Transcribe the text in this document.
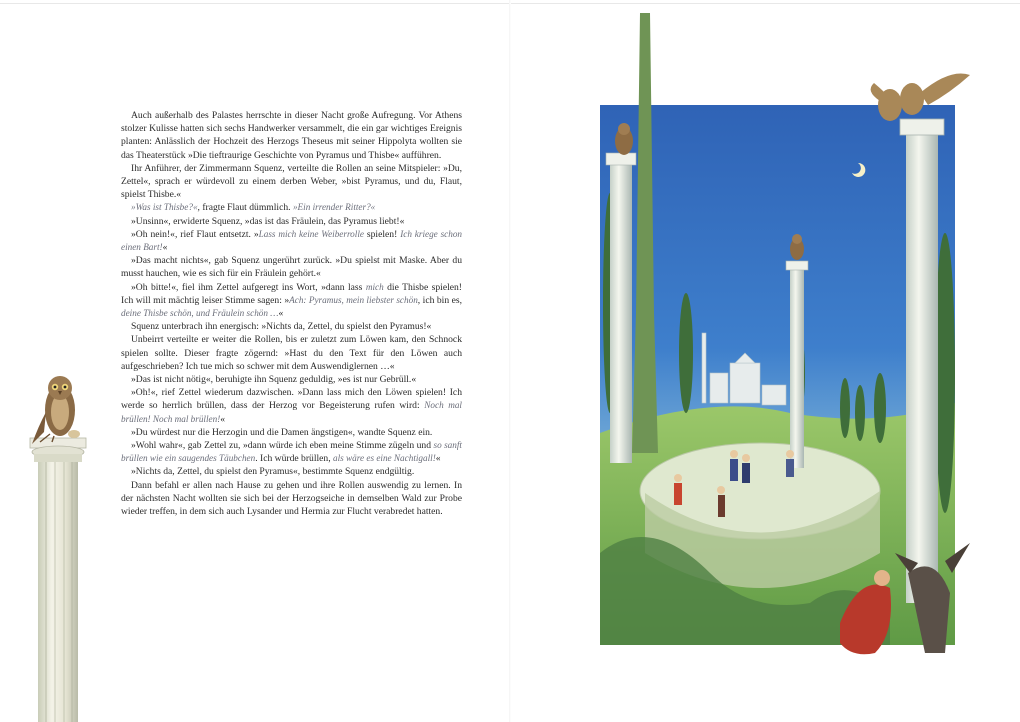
Auch außerhalb des Palastes herrschte in dieser Nacht große Aufregung. Vor Athens stolzer Kulisse hatten sich sechs Handwerker versammelt, die ein gar wichtiges Ereignis planten: Anlässlich der Hochzeit des Herzogs Theseus mit seiner Hippolyta wollten sie das Theaterstück »Die tieftraurige Geschichte von Pyramus und Thisbe« aufführen.

Ihr Anführer, der Zimmermann Squenz, verteilte die Rollen an seine Mitspieler: »Du, Zettel«, sprach er würdevoll zu einem derben Weber, »bist Pyramus, und du, Flaut, spielst Thisbe.«

»Was ist Thisbe?«, fragte Flaut dümmlich. »Ein irrender Ritter?«

»Unsinn«, erwiderte Squenz, »das ist das Fräulein, das Pyramus liebt!«

»Oh nein!«, rief Flaut entsetzt. »Lass mich keine Weiberrolle spielen! Ich kriege schon einen Bart!«

»Das macht nichts«, gab Squenz ungerührt zurück. »Du spielst mit Maske. Aber du musst hauchen, wie es sich für ein Fräulein gehört.«

»Oh bitte!«, fiel ihm Zettel aufgeregt ins Wort, »dann lass mich die Thisbe spielen! Ich will mit mächtig leiser Stimme sagen: »Ach: Pyramus, mein liebster schön, ich bin es, deine Thisbe schön, und Fräulein schön …«

Squenz unterbrach ihn energisch: »Nichts da, Zettel, du spielst den Pyramus!«

Unbeirrt verteilte er weiter die Rollen, bis er zuletzt zum Löwen kam, den Schnock spielen sollte. Dieser fragte zögernd: »Hast du den Text für den Löwen auch aufgeschrieben? Ich tue mich so schwer mit dem Auswendiglernen …«

»Das ist nicht nötig«, beruhigte ihn Squenz geduldig, »es ist nur Gebrüll.«

»Oh!«, rief Zettel wiederum dazwischen. »Dann lass mich den Löwen spielen! Ich werde so herrlich brüllen, dass der Herzog vor Begeisterung rufen wird: Noch mal brüllen! Noch mal brüllen!«

»Du würdest nur die Herzogin und die Damen ängstigen«, wandte Squenz ein.

»Wohl wahr«, gab Zettel zu, »dann würde ich eben meine Stimme zügeln und so sanft brüllen wie ein saugendes Täubchen. Ich würde brüllen, als wäre es eine Nachtigall!«

»Nichts da, Zettel, du spielst den Pyramus«, bestimmte Squenz endgültig.

Dann befahl er allen nach Hause zu gehen und ihre Rollen auswendig zu lernen. In der nächsten Nacht wollten sie sich bei der Herzogseiche in demselben Wald zur Probe wieder treffen, in dem sich auch Lysander und Hermia zur Flucht verabredet hatten.
